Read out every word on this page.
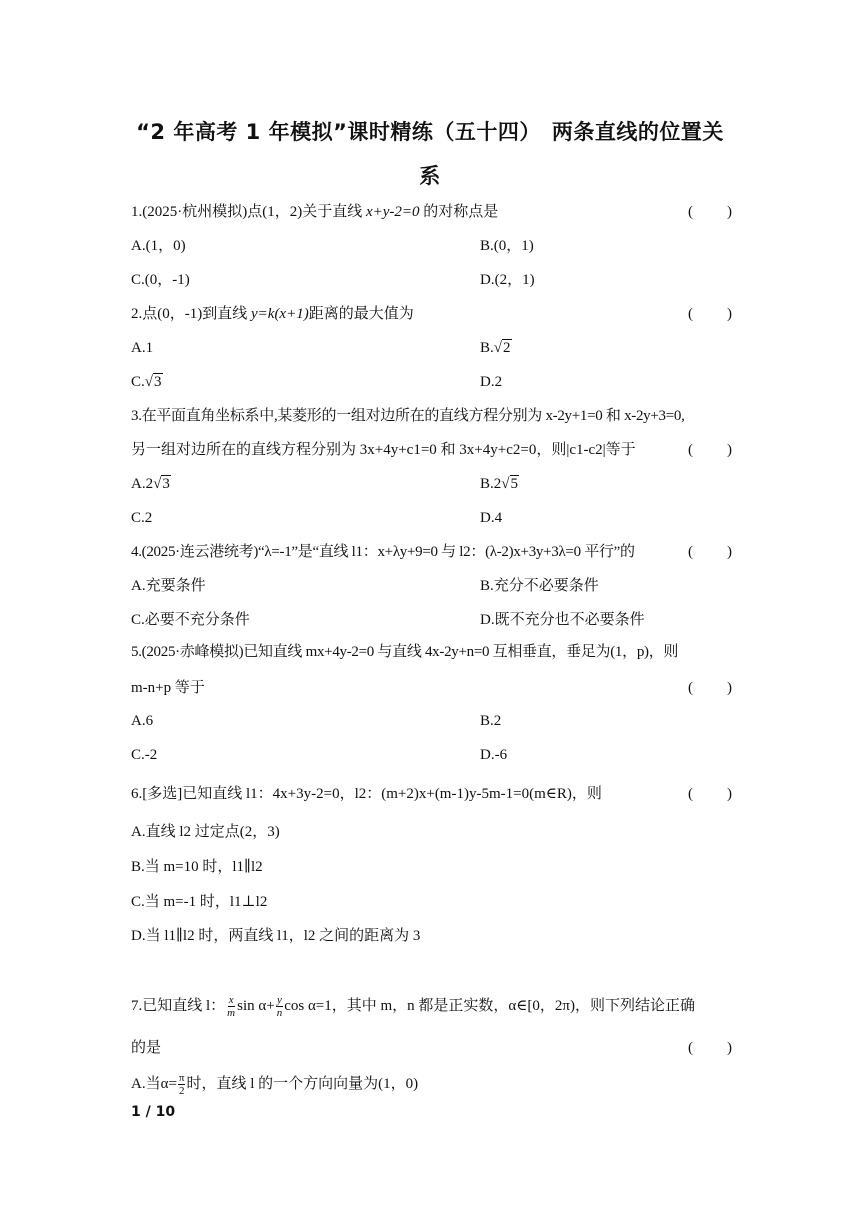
“2 年高考 1 年模拟”课时精练（五十四）　两条直线的位置关
系
1.(2025·杭州模拟)点(1，2)关于直线 x+y-2=0 的对称点是	( )
A.(1，0)	B.(0，1)
C.(0，-1)	D.(2，1)
2.点(0，-1)到直线 y=k(x+1)距离的最大值为	( )
A.1	B.√2
C.√3	D.2
3.在平面直角坐标系中,某菱形的一组对边所在的直线方程分别为 x-2y+1=0 和 x-2y+3=0,
另一组对边所在的直线方程分别为 3x+4y+c1=0 和 3x+4y+c2=0，则|c1-c2|等于	( )
A.2√3	B.2√5
C.2	D.4
4.(2025·连云港统考)“λ=-1”是“直线 l1：x+λy+9=0 与 l2：(λ-2)x+3y+3λ=0 平行”的	( )
A.充要条件	B.充分不必要条件
C.必要不充分条件	D.既不充分也不必要条件
5.(2025·赤峰模拟)已知直线 mx+4y-2=0 与直线 4x-2y+n=0 互相垂直，垂足为(1，p)，则
m-n+p 等于	( )
A.6	B.2
C.-2	D.-6
6.[多选]已知直线 l1：4x+3y-2=0，l2：(m+2)x+(m-1)y-5m-1=0(m∈R)，则	( )
A.直线 l2 过定点(2，3)
B.当 m=10 时，l1∥l2
C.当 m=-1 时，l1⊥l2
D.当 l1∥l2 时，两直线 l1，l2 之间的距离为 3
7.已知直线 l： $\frac{x}{m}$ $\sin \alpha+ \frac{y}{n}$ cos α=1，其中 m，n 都是正实数，α∈[0，2π)，则下列结论正确
的是	( )
A.当$\alpha= \frac{\pi}{2}$ 时，直线 l 的一个方向向量为(1，0)
1 / 10
